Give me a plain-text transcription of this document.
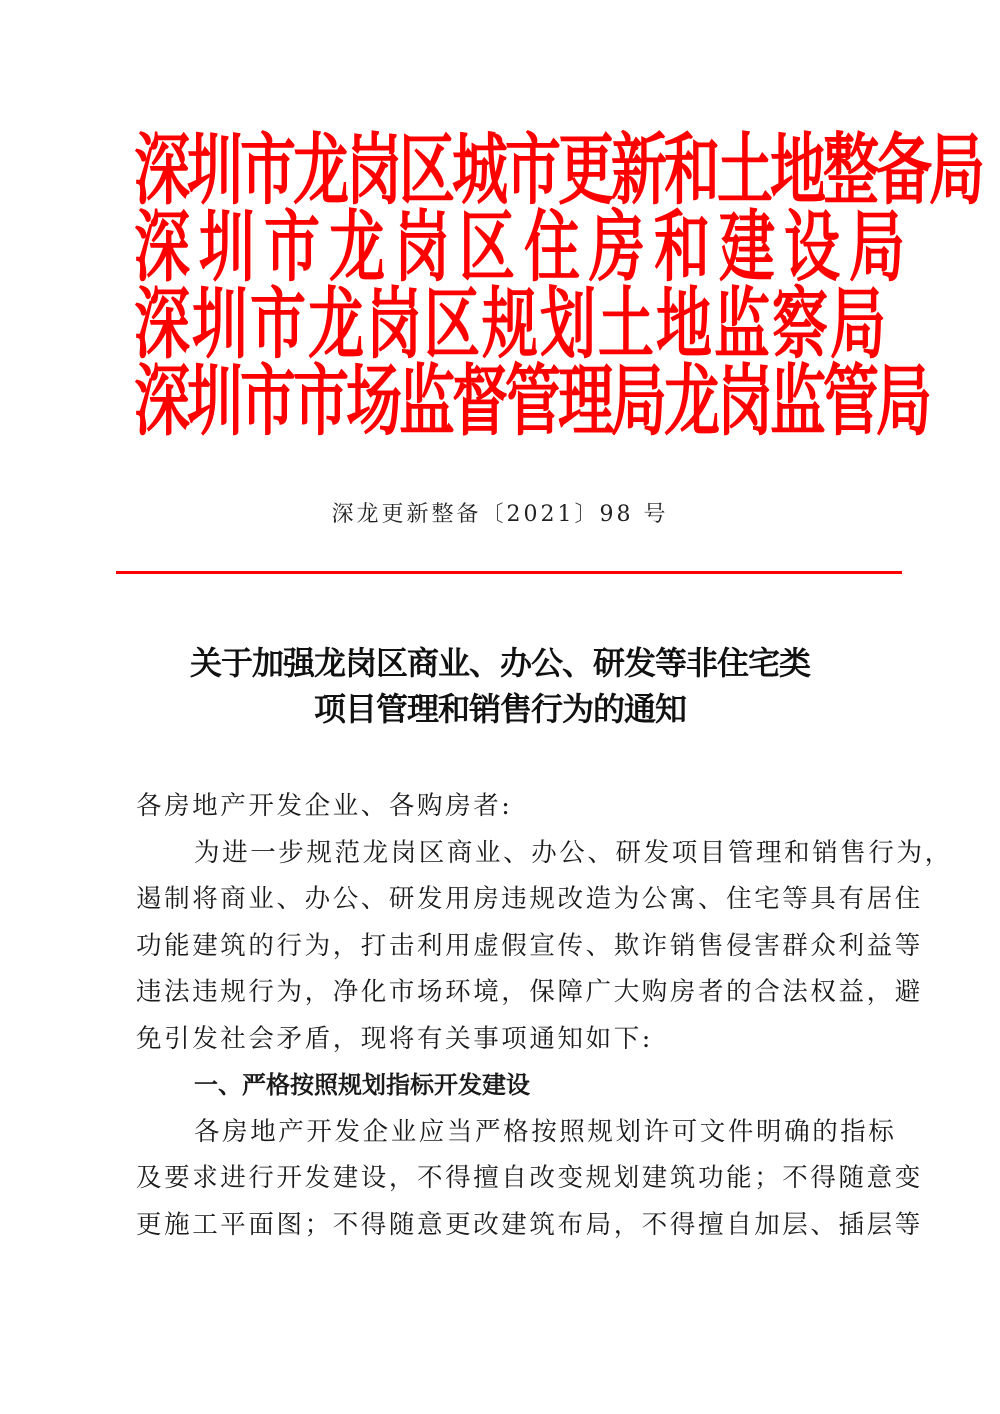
深圳市龙岗区城市更新和土地整备局
深圳市龙岗区住房和建设局
深圳市龙岗区规划土地监察局
深圳市市场监督管理局龙岗监管局
深龙更新整备〔2021〕98 号
关于加强龙岗区商业、办公、研发等非住宅类
项目管理和销售行为的通知
各房地产开发企业、各购房者:
为进一步规范龙岗区商业、办公、研发项目管理和销售行为，
遏制将商业、办公、研发用房违规改造为公寓、住宅等具有居住
功能建筑的行为，打击利用虚假宣传、欺诈销售侵害群众利益等
违法违规行为，净化市场环境，保障广大购房者的合法权益，避
免引发社会矛盾，现将有关事项通知如下:
一、严格按照规划指标开发建设
各房地产开发企业应当严格按照规划许可文件明确的指标
及要求进行开发建设，不得擅自改变规划建筑功能；不得随意变
更施工平面图；不得随意更改建筑布局，不得擅自加层、插层等
